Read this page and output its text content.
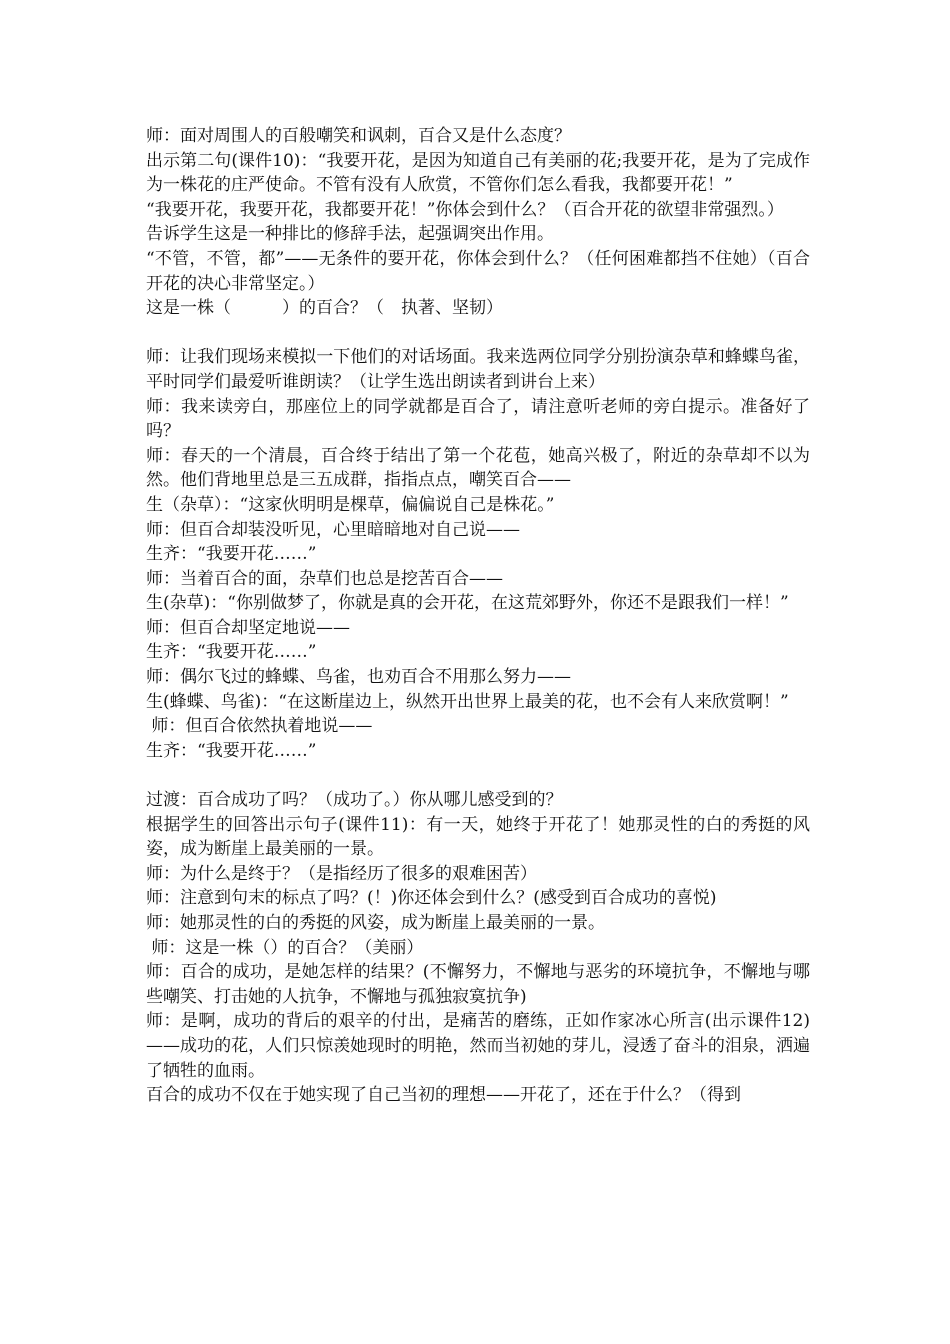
师：面对周围人的百般嘲笑和讽刺，百合又是什么态度？

出示第二句(课件10)：“我要开花，是因为知道自己有美丽的花;我要开花，是为了完成作为一株花的庄严使命。不管有没有人欣赏，不管你们怎么看我，我都要开花！”

“我要开花，我要开花，我都要开花！”你体会到什么？（百合开花的欲望非常强烈。）

告诉学生这是一种排比的修辞手法，起强调突出作用。

“不管，不管，都”——无条件的要开花，你体会到什么？（任何困难都挡不住她）（百合开花的决心非常坚定。）

这是一株（　　　）的百合？（　执著、坚韧）

师：让我们现场来模拟一下他们的对话场面。我来选两位同学分别扮演杂草和蜂蝶鸟雀，平时同学们最爱听谁朗读？（让学生选出朗读者到讲台上来）

师：我来读旁白，那座位上的同学就都是百合了，请注意听老师的旁白提示。准备好了吗？

师：春天的一个清晨，百合终于结出了第一个花苞，她高兴极了，附近的杂草却不以为然。他们背地里总是三五成群，指指点点，嘲笑百合——

生（杂草）：“这家伙明明是棵草，偏偏说自己是株花。”

师：但百合却装没听见，心里暗暗地对自己说——

生齐：“我要开花……”

师：当着百合的面，杂草们也总是挖苦百合——

生(杂草)：“你别做梦了，你就是真的会开花，在这荒郊野外，你还不是跟我们一样！”

师：但百合却坚定地说——

生齐：“我要开花……”

师：偶尔飞过的蜂蝶、鸟雀，也劝百合不用那么努力——

生(蜂蝶、鸟雀)：“在这断崖边上，纵然开出世界上最美的花，也不会有人来欣赏啊！”

师：但百合依然执着地说——

生齐：“我要开花……”

过渡：百合成功了吗？（成功了。）你从哪儿感受到的？

根据学生的回答出示句子(课件11)：有一天，她终于开花了！她那灵性的白的秀挺的风姿，成为断崖上最美丽的一景。

师：为什么是终于？（是指经历了很多的艰难困苦）

师：注意到句末的标点了吗？(！)你还体会到什么？(感受到百合成功的喜悦)

师：她那灵性的白的秀挺的风姿，成为断崖上最美丽的一景。

师：这是一株（）的百合？（美丽）

师：百合的成功，是她怎样的结果？(不懈努力，不懈地与恶劣的环境抗争，不懈地与哪些嘲笑、打击她的人抗争，不懈地与孤独寂寞抗争)

师：是啊，成功的背后的艰辛的付出，是痛苦的磨练，正如作家冰心所言(出示课件12)——成功的花，人们只惊羡她现时的明艳，然而当初她的芽儿，浸透了奋斗的泪泉，洒遍了牺牲的血雨。

百合的成功不仅在于她实现了自己当初的理想——开花了，还在于什么？（得到
